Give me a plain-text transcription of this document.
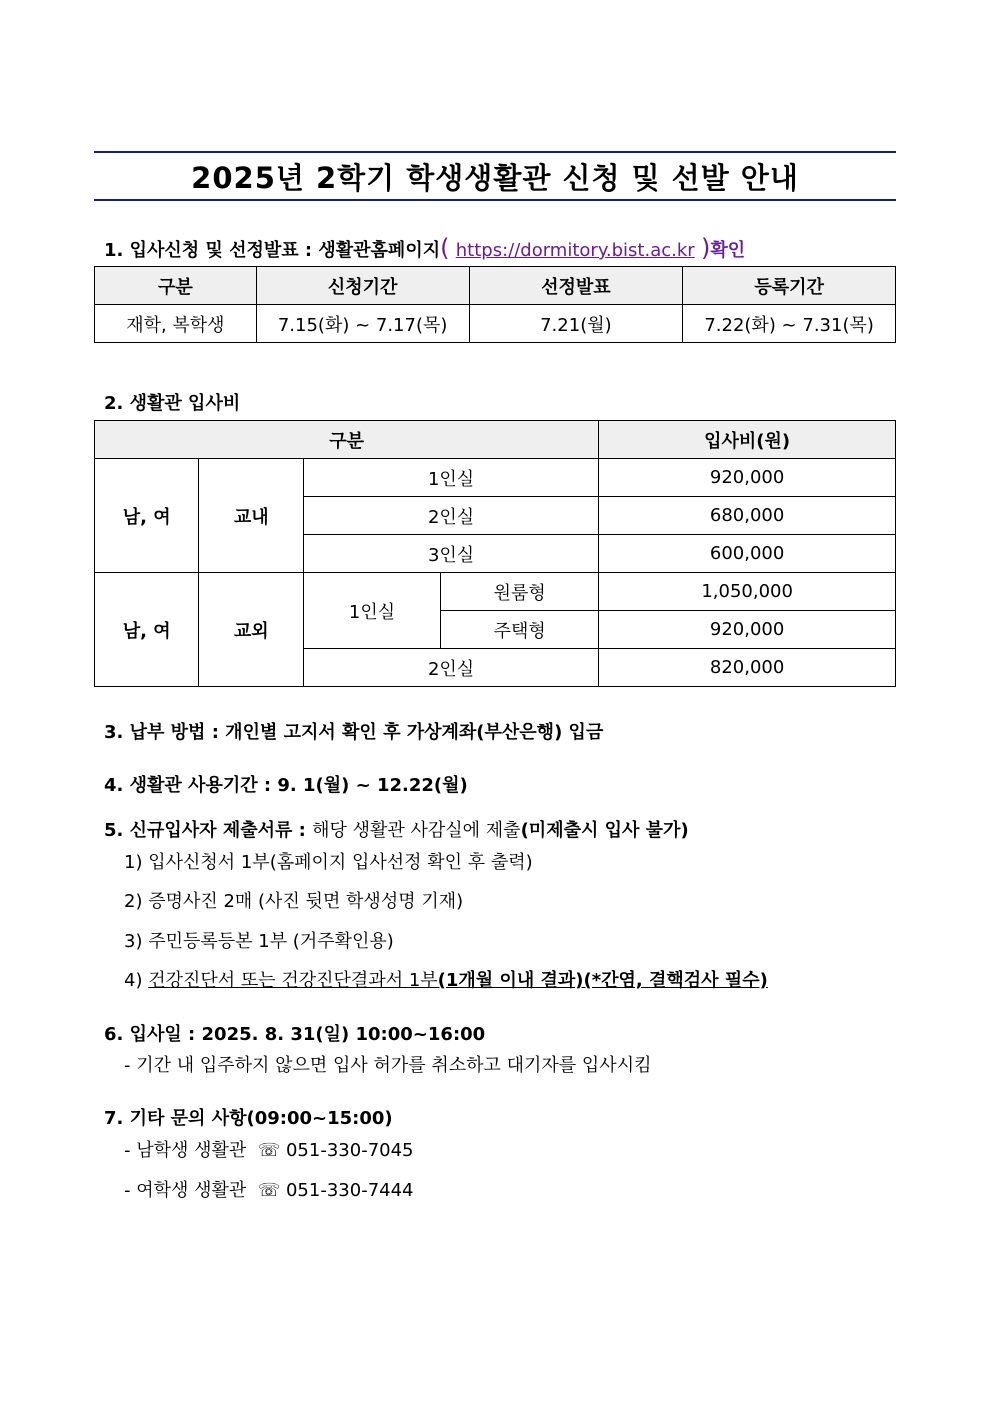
2025년 2학기 학생생활관 신청 및 선발 안내
1. 입사신청 및 선정발표 : 생활관홈페이지( https://dormitory.bist.ac.kr )확인
구분	신청기간	선정발표	등록기간
재학, 복학생	7.15(화) ~ 7.17(목)	7.21(월)	7.22(화) ~ 7.31(목)
2. 생활관 입사비
구분				입사비(원)
남, 여	교내	1인실		920,000
		2인실		680,000
		3인실		600,000
남, 여	교외	1인실	원룸형	1,050,000
			주택형	920,000
		2인실		820,000
3. 납부 방법 : 개인별 고지서 확인 후 가상계좌(부산은행) 입금
4. 생활관 사용기간 : 9. 1(월) ~ 12.22(월)
5. 신규입사자 제출서류 : 해당 생활관 사감실에 제출(미제출시 입사 불가)
1) 입사신청서 1부(홈페이지 입사선정 확인 후 출력)
2) 증명사진 2매 (사진 뒷면 학생성명 기재)
3) 주민등록등본 1부 (거주확인용)
4) 건강진단서 또는 건강진단결과서 1부(1개월 이내 결과)(*간염, 결핵검사 필수)
6. 입사일 : 2025. 8. 31(일) 10:00~16:00
- 기간 내 입주하지 않으면 입사 허가를 취소하고 대기자를 입사시킴
7. 기타 문의 사항(09:00~15:00)
- 남학생 생활관 ☏ 051-330-7045
- 여학생 생활관 ☏ 051-330-7444
